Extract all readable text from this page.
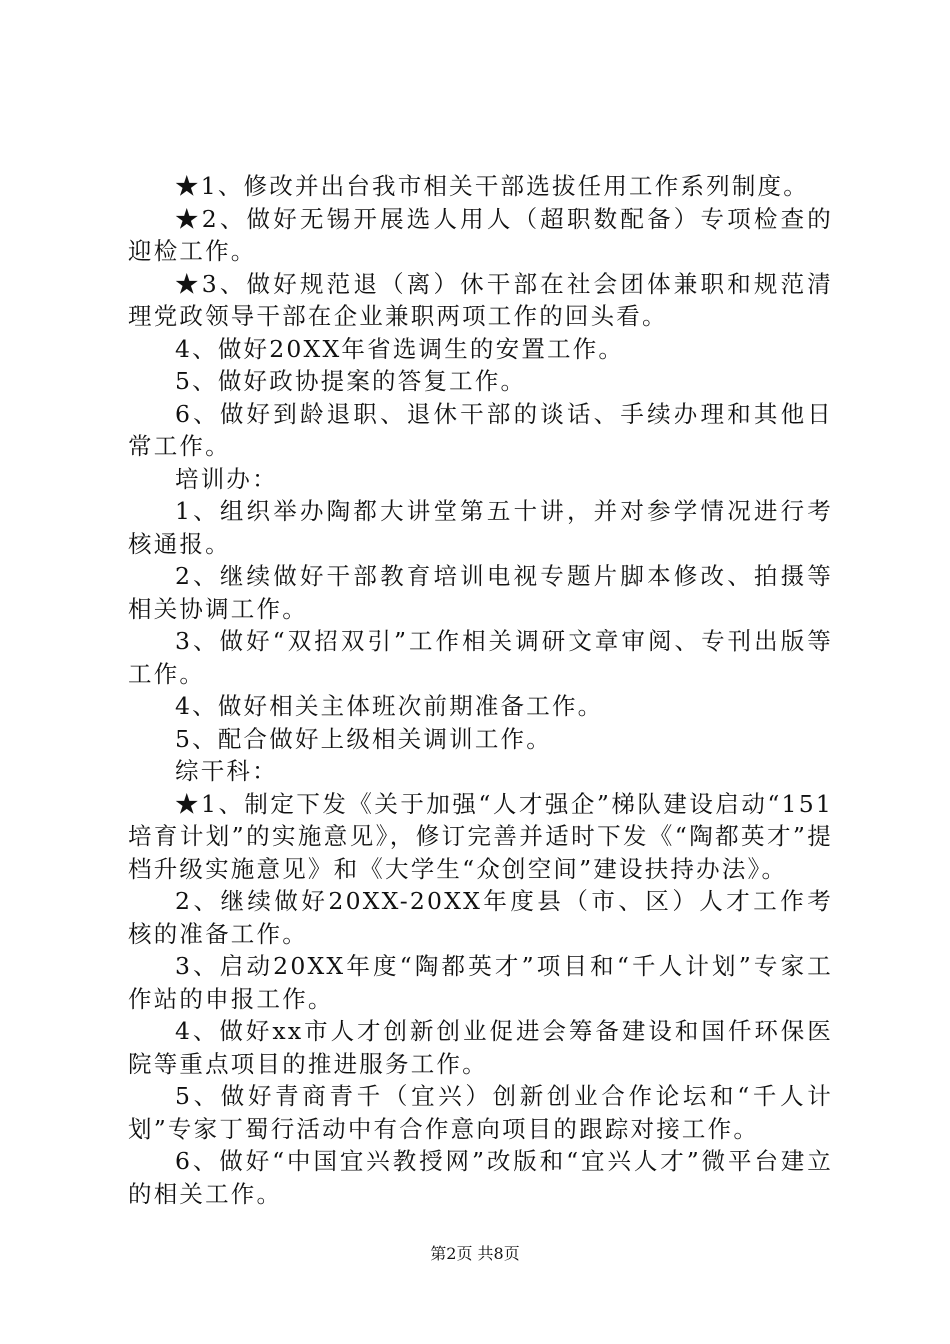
★1、修改并出台我市相关干部选拔任用工作系列制度。

★2、做好无锡开展选人用人（超职数配备）专项检查的迎检工作。

★3、做好规范退（离）休干部在社会团体兼职和规范清理党政领导干部在企业兼职两项工作的回头看。

4、做好20XX年省选调生的安置工作。

5、做好政协提案的答复工作。

6、做好到龄退职、退休干部的谈话、手续办理和其他日常工作。

培训办：

1、组织举办陶都大讲堂第五十讲，并对参学情况进行考核通报。

2、继续做好干部教育培训电视专题片脚本修改、拍摄等相关协调工作。

3、做好“双招双引”工作相关调研文章审阅、专刊出版等工作。

4、做好相关主体班次前期准备工作。

5、配合做好上级相关调训工作。

综干科：

★1、制定下发《关于加强“人才强企”梯队建设启动“151培育计划”的实施意见》，修订完善并适时下发《“陶都英才”提档升级实施意见》和《大学生“众创空间”建设扶持办法》。

2、继续做好20XX-20XX年度县（市、区）人才工作考核的准备工作。

3、启动20XX年度“陶都英才”项目和“千人计划”专家工作站的申报工作。

4、做好xx市人才创新创业促进会筹备建设和国仟环保医院等重点项目的推进服务工作。

5、做好青商青千（宜兴）创新创业合作论坛和“千人计划”专家丁蜀行活动中有合作意向项目的跟踪对接工作。

6、做好“中国宜兴教授网”改版和“宜兴人才”微平台建立的相关工作。

第2页 共8页
